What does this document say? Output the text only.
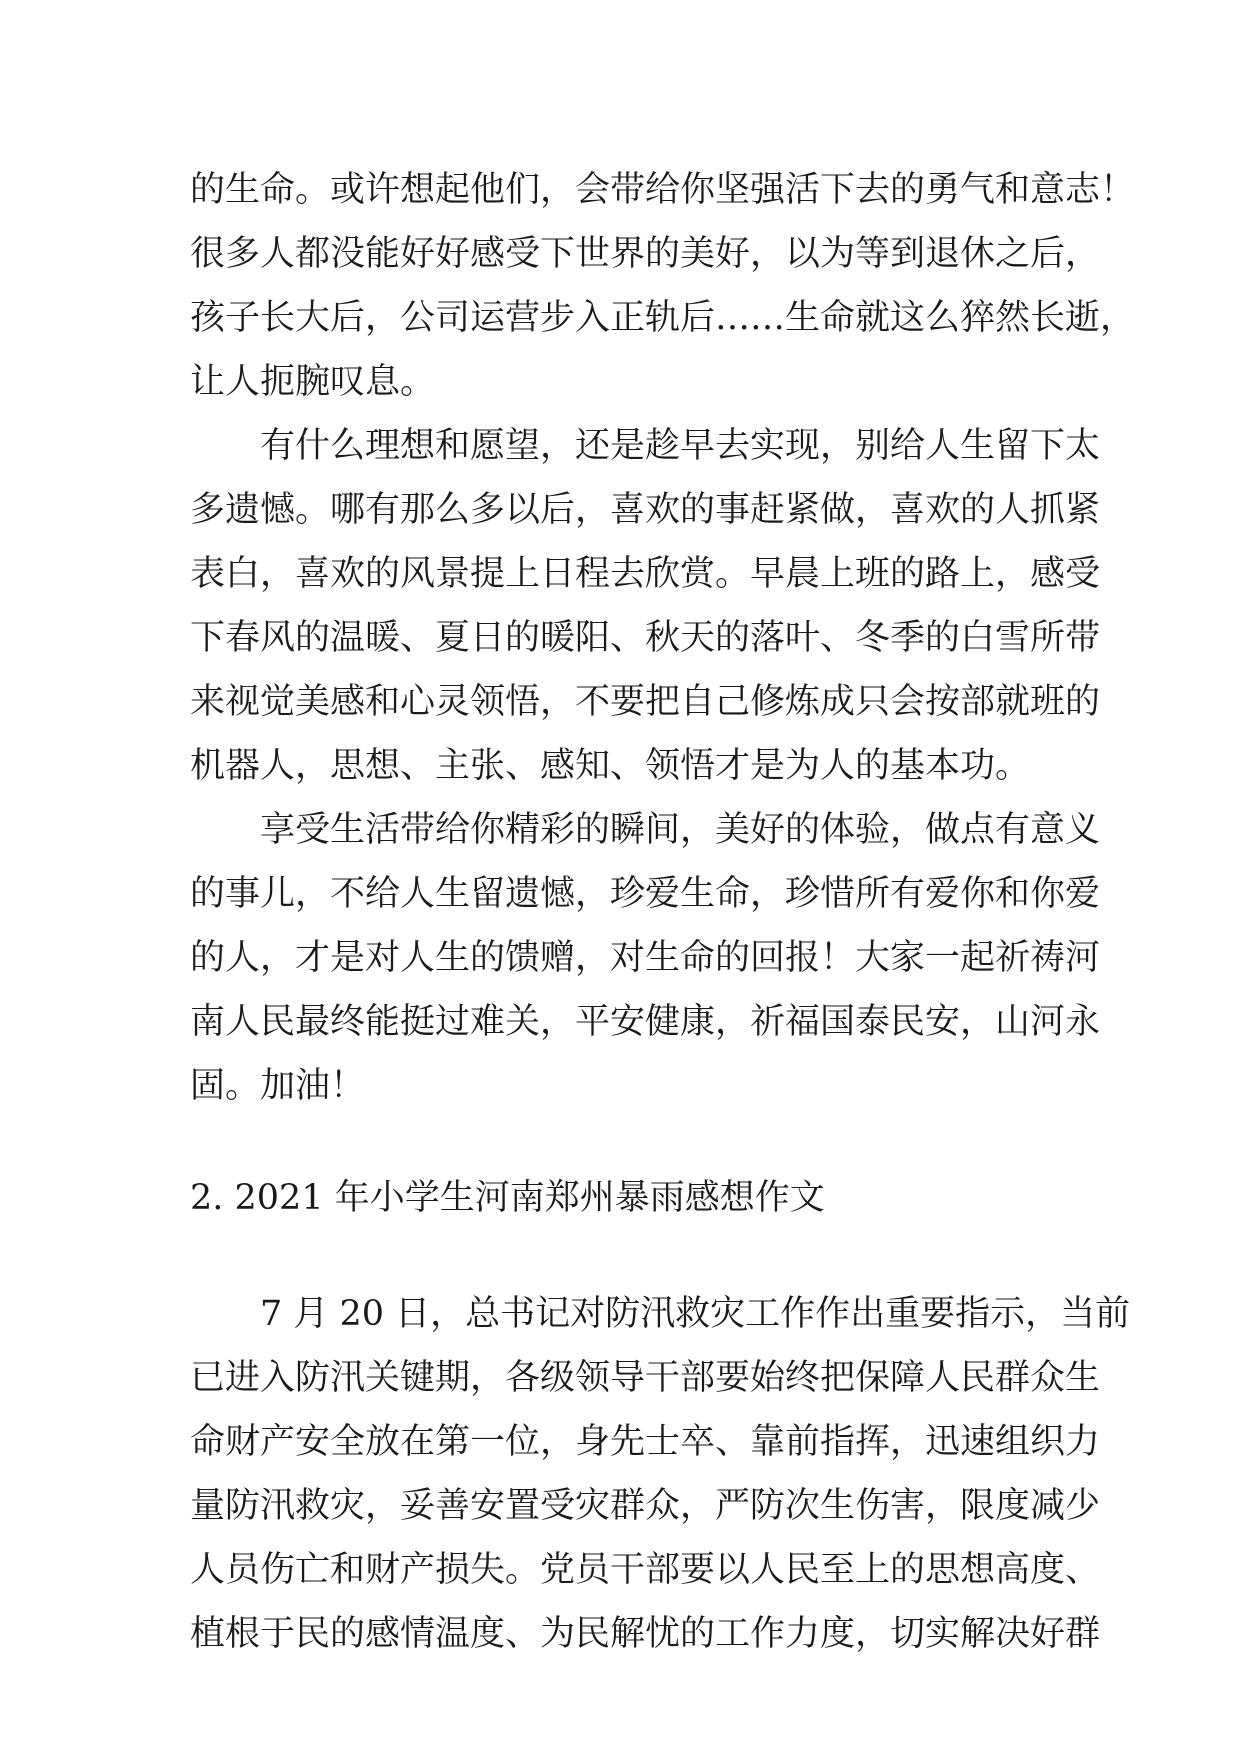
的生命。或许想起他们，会带给你坚强活下去的勇气和意志！
很多人都没能好好感受下世界的美好，以为等到退休之后，
孩子长大后，公司运营步入正轨后……生命就这么猝然长逝，
让人扼腕叹息。
有什么理想和愿望，还是趁早去实现，别给人生留下太
多遗憾。哪有那么多以后，喜欢的事赶紧做，喜欢的人抓紧
表白，喜欢的风景提上日程去欣赏。早晨上班的路上，感受
下春风的温暖、夏日的暖阳、秋天的落叶、冬季的白雪所带
来视觉美感和心灵领悟，不要把自己修炼成只会按部就班的
机器人，思想、主张、感知、领悟才是为人的基本功。
享受生活带给你精彩的瞬间，美好的体验，做点有意义
的事儿，不给人生留遗憾，珍爱生命，珍惜所有爱你和你爱
的人，才是对人生的馈赠，对生命的回报！大家一起祈祷河
南人民最终能挺过难关，平安健康，祈福国泰民安，山河永
固。加油！
2. 2021 年小学生河南郑州暴雨感想作文
7 月 20 日，总书记对防汛救灾工作作出重要指示，当前
已进入防汛关键期，各级领导干部要始终把保障人民群众生
命财产安全放在第一位，身先士卒、靠前指挥，迅速组织力
量防汛救灾，妥善安置受灾群众，严防次生伤害，限度减少
人员伤亡和财产损失。党员干部要以人民至上的思想高度、
植根于民的感情温度、为民解忧的工作力度，切实解决好群
